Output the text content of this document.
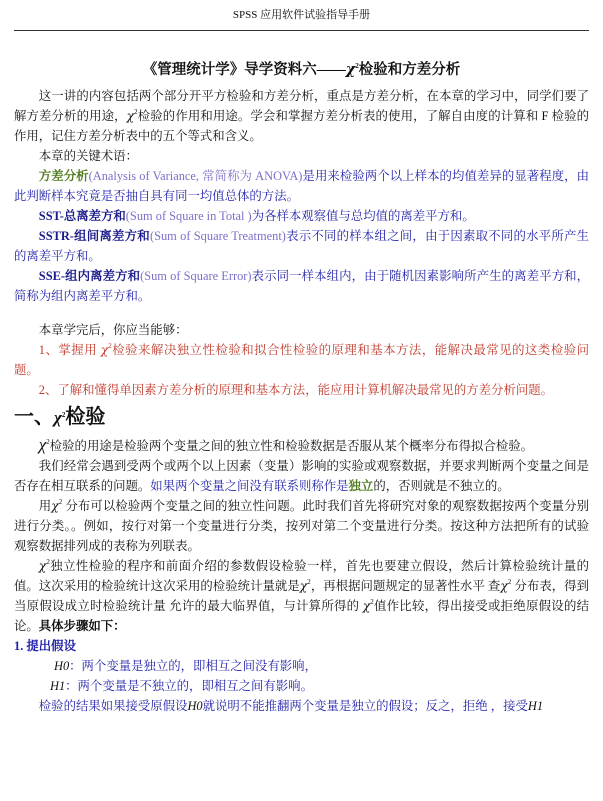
SPSS 应用软件试验指导手册
《管理统计学》导学资料六$——\chi^2$检验和方差分析

这一讲的内容包括两个部分开平方检验和方差分析，重点是方差分析，在本章的学习中，同学们要了解方差分析的用途，$\chi^2$检验的作用和用途。学会和掌握方差分析表的使用，了解自由度的计算和 F 检验的作用，记住方差分析表中的五个等式和含义。

本章的关键术语：

方差分析(Analysis of Variance, 常简称为 ANOVA)是用来检验两个以上样本的均值差异的显著程度，由此判断样本究竟是否抽自具有同一均值总体的方法。

SST-总离差方和(Sum of Square in Total )为各样本观察值与总均值的离差平方和。

SSTR-组间离差方和(Sum of Square Treatment)表示不同的样本组之间，由于因素取不同的水平所产生的离差平方和。

SSE-组内离差方和(Sum of Square Error)表示同一样本组内，由于随机因素影响所产生的离差平方和，简称为组内离差平方和。

本章学完后，你应当能够：

1、掌握用 $\chi^2$检验来解决独立性检验和拟合性检验的原理和基本方法，能解决最常见的这类检验问题。

2、了解和懂得单因素方差分析的原理和基本方法，能应用计算机解决最常见的方差分析问题。

一、$\chi^2$检验

$\chi^2$检验的用途是检验两个变量之间的独立性和检验数据是否服从某个概率分布得拟合检验。

我们经常会遇到受两个或两个以上因素（变量）影响的实验或观察数据，并要求判断两个变量之间是否存在相互联系的问题。如果两个变量之间没有联系则称作是独立的，否则就是不独立的。

用$\chi^2$ 分布可以检验两个变量之间的独立性问题。此时我们首先将研究对象的观察数据按两个变量分别进行分类。。例如，按行对第一个变量进行分类，按列对第二个变量进行分类。按这种方法把所有的试验观察数据排列成的表称为列联表。

$\chi^2$独立性检验的程序和前面介绍的参数假设检验一样，首先也要建立假设，然后计算检验统计量的值。这次采用的检验统计这次采用的检验统计量就是$\chi^2$，再根据问题规定的显著性水平 查$\chi^2$ 分布表，得到当原假设成立时检验统计量 允许的最大临界值，与计算所得的 $\chi^2$值作比较，得出接受或拒绝原假设的结论。具体步骤如下：

1. 提出假设

H0：两个变量是独立的，即相互之间没有影响，

H1：两个变量是不独立的，即相互之间有影响。

检验的结果如果接受原假设H0就说明不能推翻两个变量是独立的假设；反之，拒绝 ，接受H1
